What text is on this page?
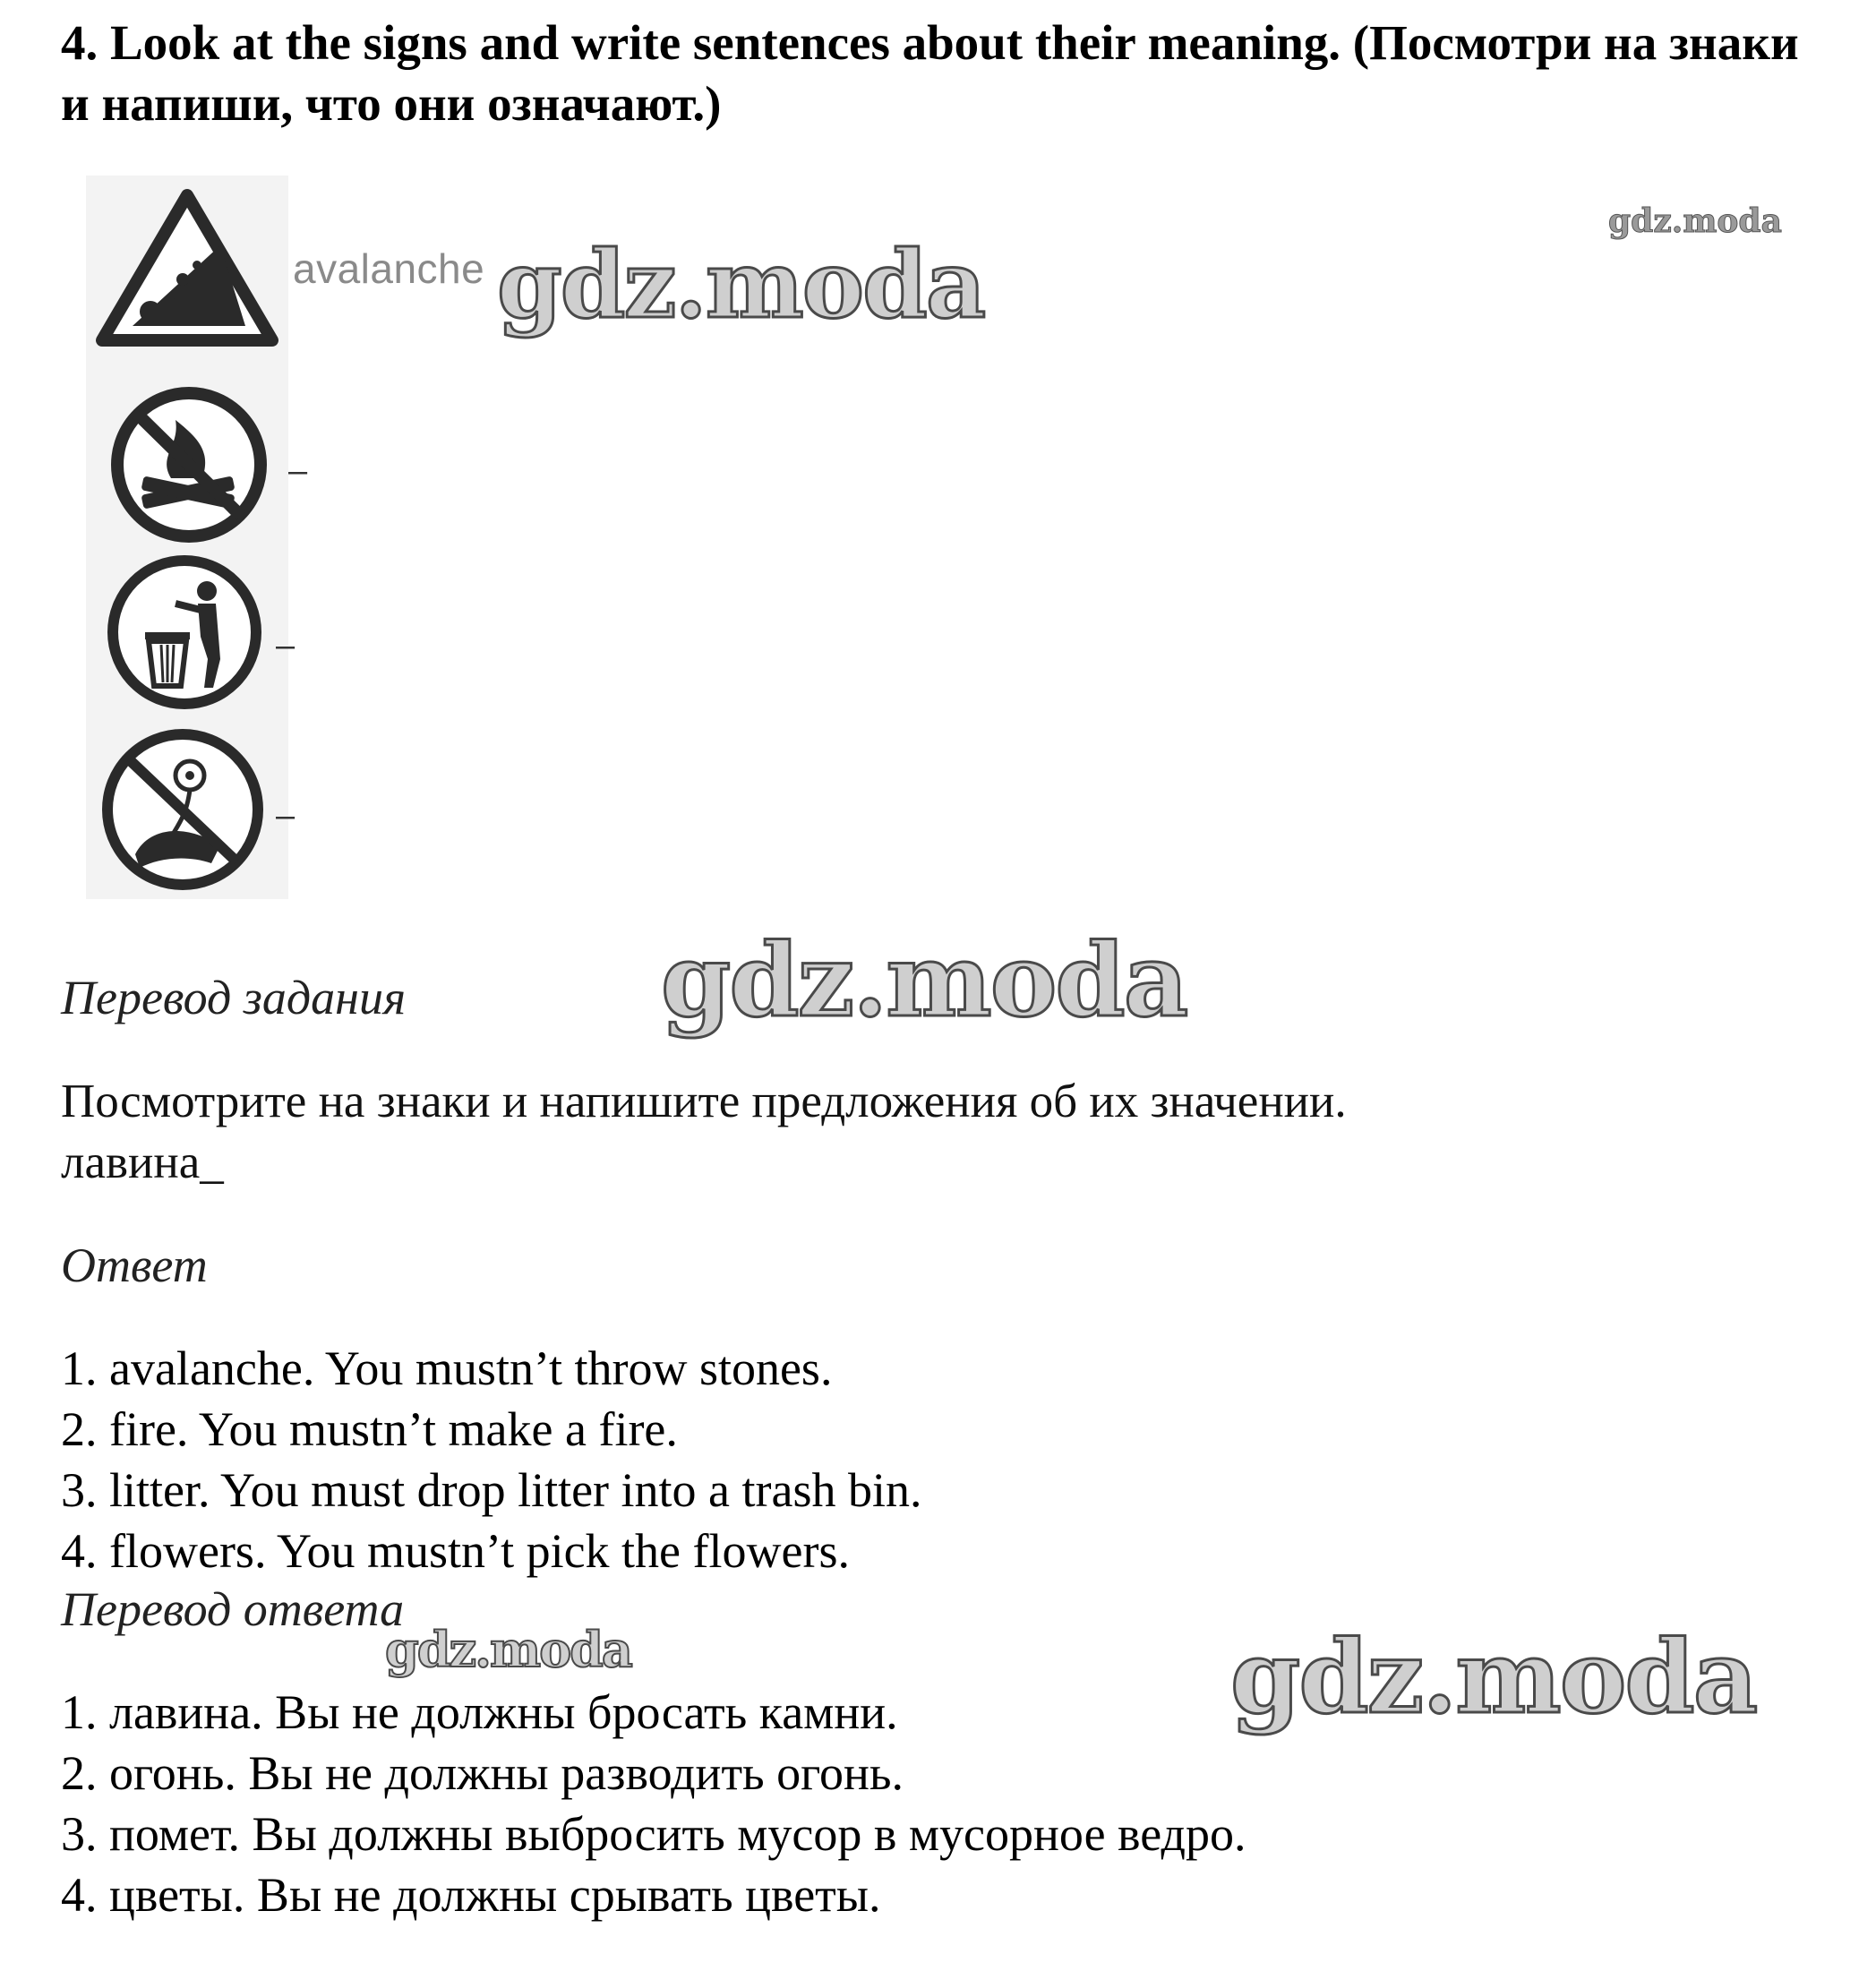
4. Look at the signs and write sentences about their meaning. (Посмотри на знаки и напиши, что они означают.)

avalanche
–
–
–
gdz.moda
gdz.moda
gdz.moda
gdz.moda	gdz.moda
Перевод задания
Посмотрите на знаки и напишите предложения об их значении.
лавина_
Ответ
1. avalanche. You mustn’t throw stones.
2. fire. You mustn’t make a fire.
3. litter. You must drop litter into a trash bin.
4. flowers. You mustn’t pick the flowers.
Перевод ответа
1. лавина. Вы не должны бросать камни.
2. огонь. Вы не должны разводить огонь.
3. помет. Вы должны выбросить мусор в мусорное ведро.
4. цветы. Вы не должны срывать цветы.
